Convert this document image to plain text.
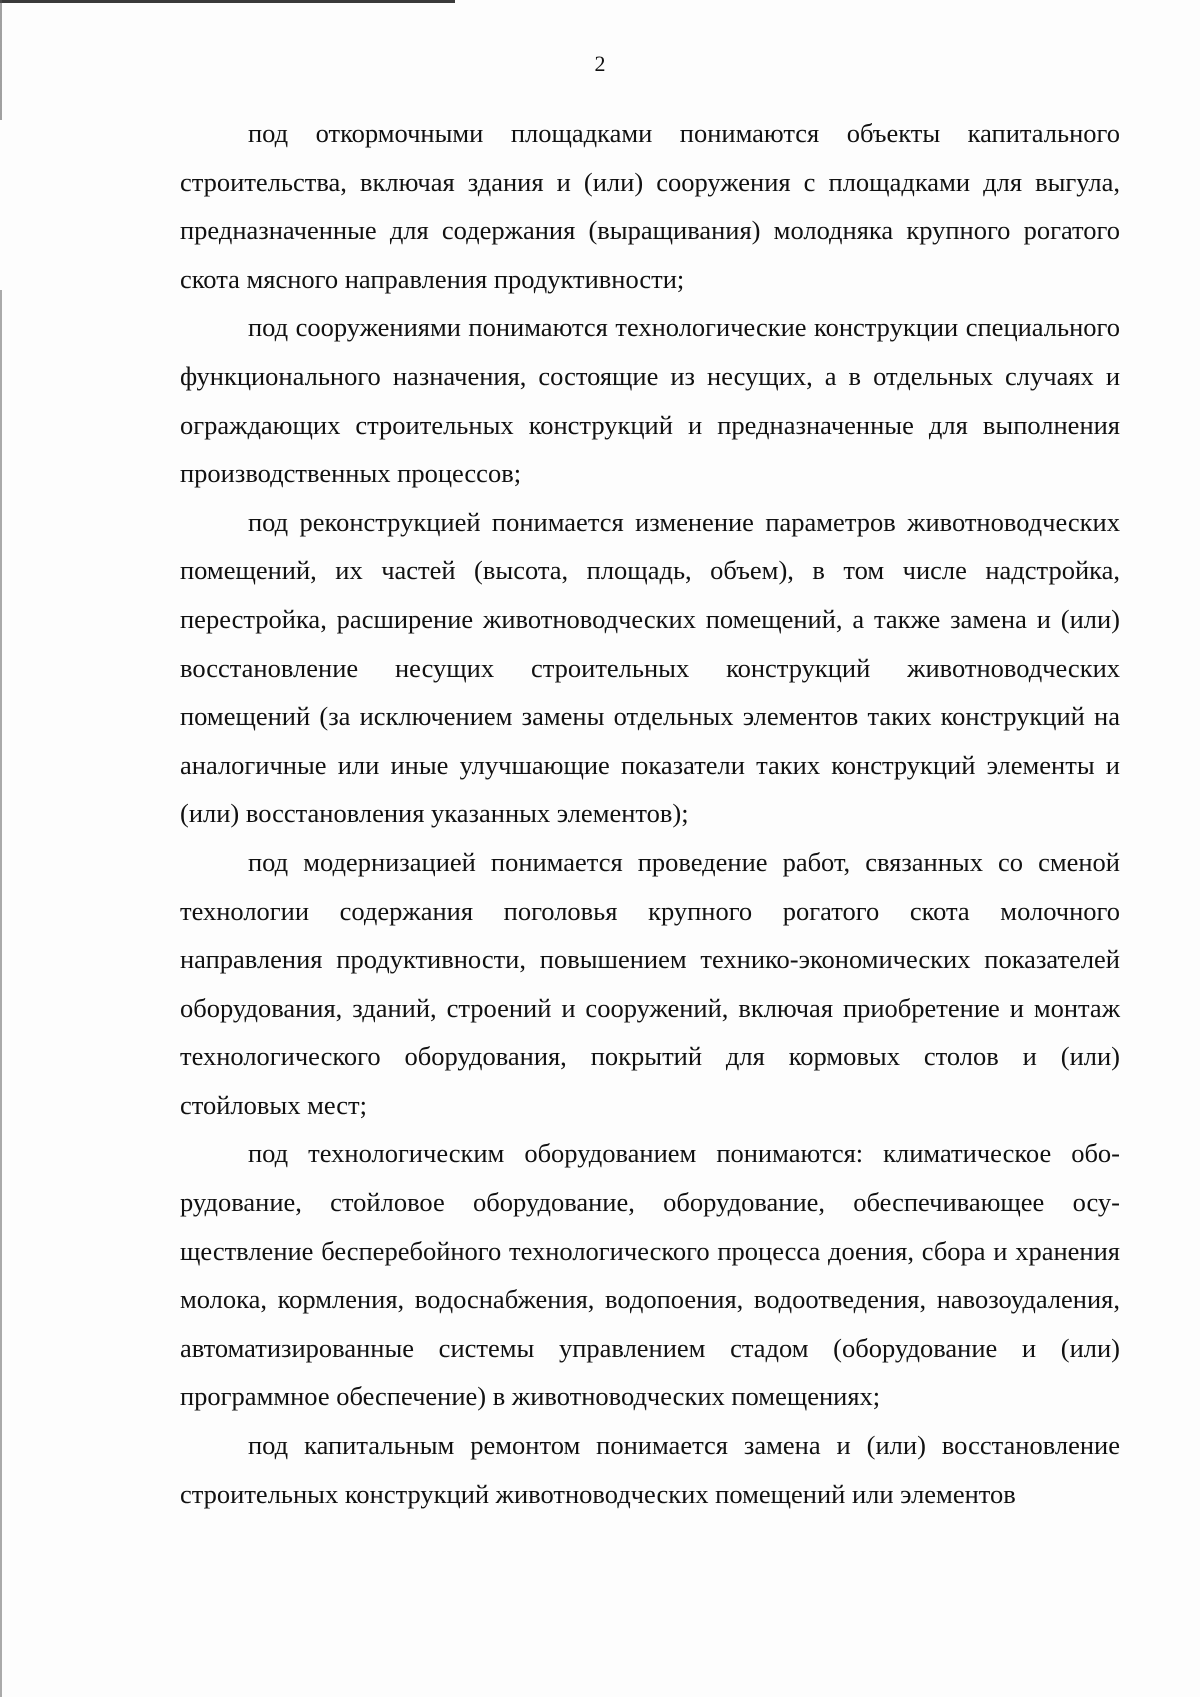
2

под откормочными площадками понимаются объекты капитального строительства, включая здания и (или) сооружения с площадками для выгула, предназначенные для содержания (выращивания) молодняка крупного рогатого скота мясного направления продуктивности;

под сооружениями понимаются технологические конструкции специального функционального назначения, состоящие из несущих, а в отдельных случаях и ограждающих строительных конструкций и предназначенные для выполнения производственных процессов;

под реконструкцией понимается изменение параметров животноводческих помещений, их частей (высота, площадь, объем), в том числе надстройка, перестройка, расширение животноводческих помещений, а также замена и (или) восстановление несущих строительных конструкций животноводческих помещений (за исключением замены отдельных элементов таких конструкций на аналогичные или иные улучшающие показатели таких конструкций элементы и (или) восстановления указанных элементов);

под модернизацией понимается проведение работ, связанных со сменой технологии содержания поголовья крупного рогатого скота молочного направления продуктивности, повышением технико-экономических показателей оборудования, зданий, строений и сооружений, включая приобретение и монтаж технологического оборудования, покрытий для кормовых столов и (или) стойловых мест;

под технологическим оборудованием понимаются: климатическое оборудование, стойловое оборудование, оборудование, обеспечивающее осуществление бесперебойного технологического процесса доения, сбора и хранения молока, кормления, водоснабжения, водопоения, водоотведения, навозоудаления, автоматизированные системы управлением стадом (оборудование и (или) программное обеспечение) в животноводческих помещениях;

под капитальным ремонтом понимается замена и (или) восстановление строительных конструкций животноводческих помещений или элементов
